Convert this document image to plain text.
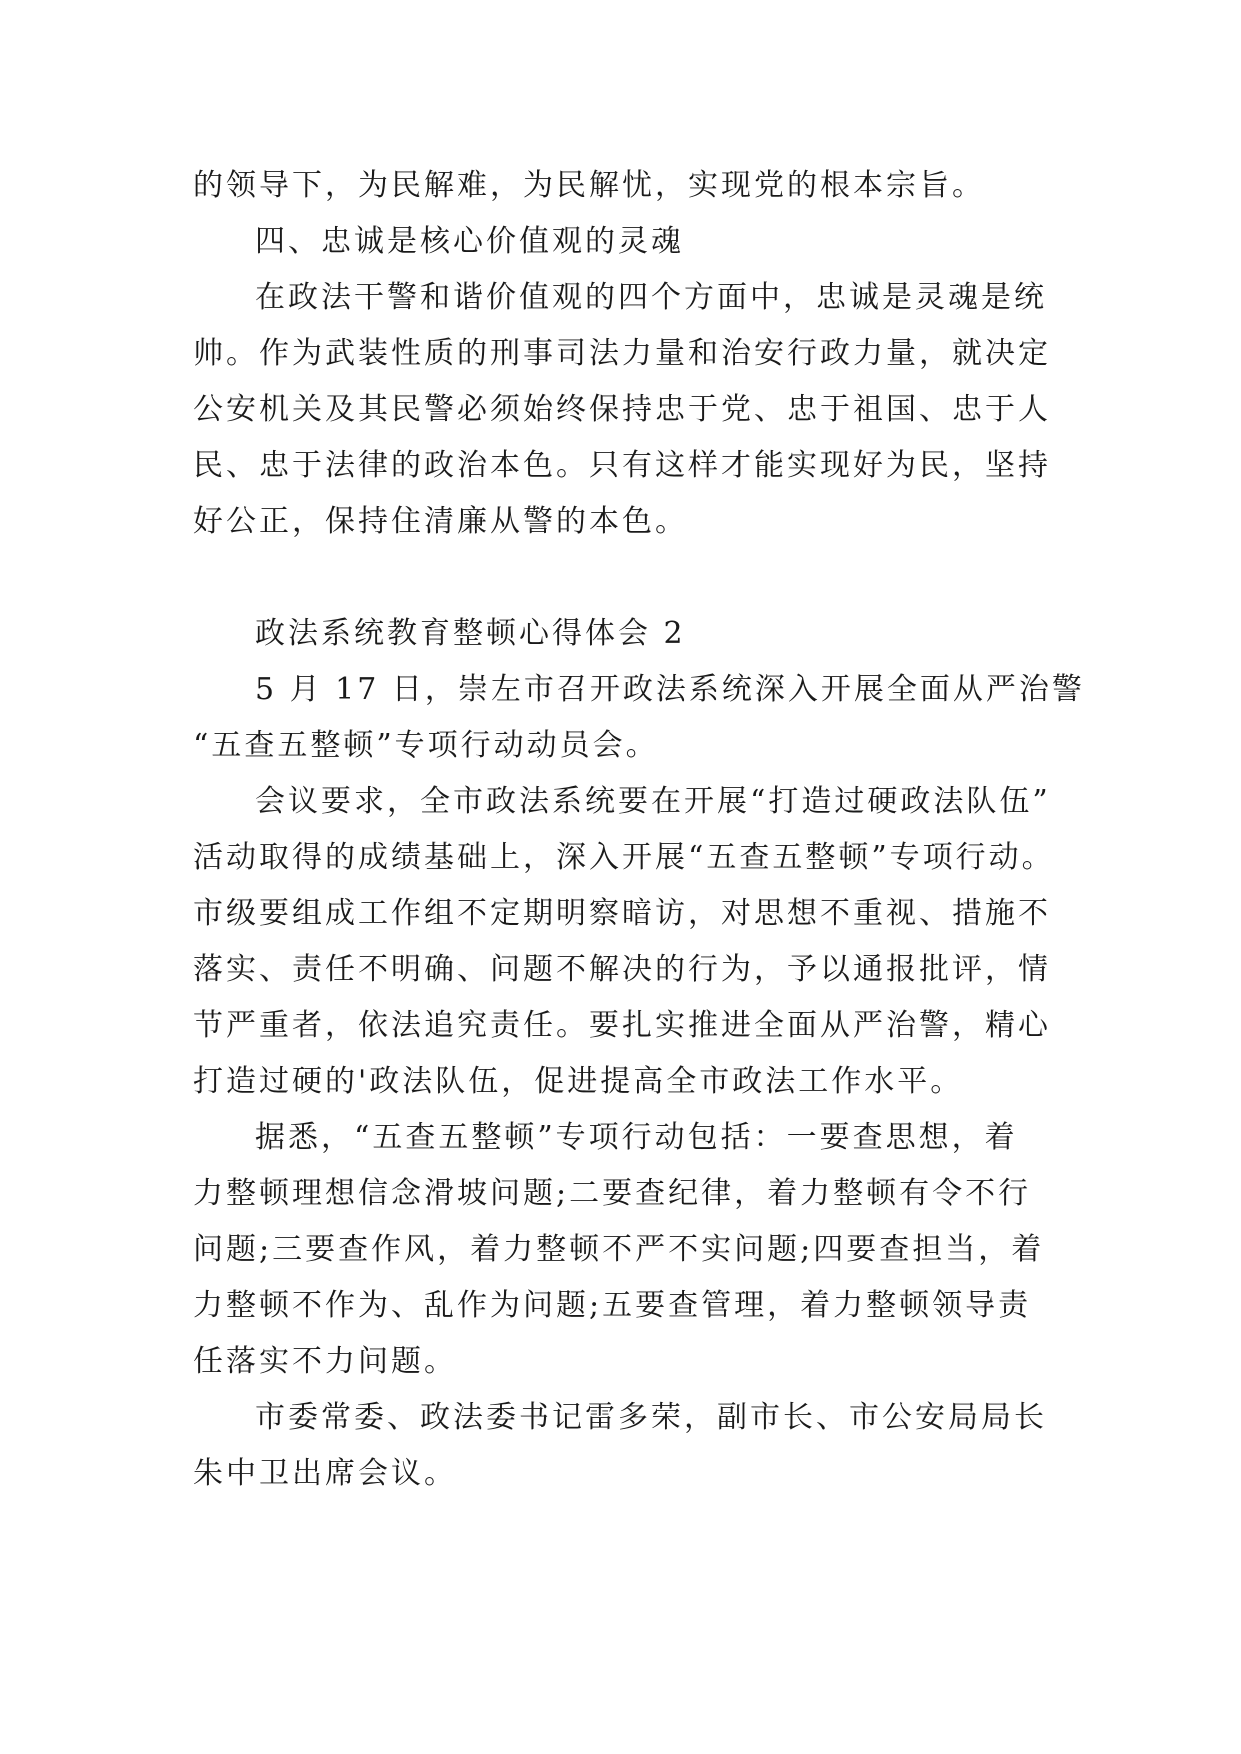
的领导下，为民解难，为民解忧，实现党的根本宗旨。
四、忠诚是核心价值观的灵魂
在政法干警和谐价值观的四个方面中，忠诚是灵魂是统
帅。作为武装性质的刑事司法力量和治安行政力量，就决定
公安机关及其民警必须始终保持忠于党、忠于祖国、忠于人
民、忠于法律的政治本色。只有这样才能实现好为民，坚持
好公正，保持住清廉从警的本色。
政法系统教育整顿心得体会 2
5 月 17 日，崇左市召开政法系统深入开展全面从严治警
“五查五整顿”专项行动动员会。
会议要求，全市政法系统要在开展“打造过硬政法队伍”
活动取得的成绩基础上，深入开展“五查五整顿”专项行动。
市级要组成工作组不定期明察暗访，对思想不重视、措施不
落实、责任不明确、问题不解决的行为，予以通报批评，情
节严重者，依法追究责任。要扎实推进全面从严治警，精心
打造过硬的'政法队伍，促进提高全市政法工作水平。
据悉，“五查五整顿”专项行动包括：一要查思想，着
力整顿理想信念滑坡问题;二要查纪律，着力整顿有令不行
问题;三要查作风，着力整顿不严不实问题;四要查担当，着
力整顿不作为、乱作为问题;五要查管理，着力整顿领导责
任落实不力问题。
市委常委、政法委书记雷多荣，副市长、市公安局局长
朱中卫出席会议。
